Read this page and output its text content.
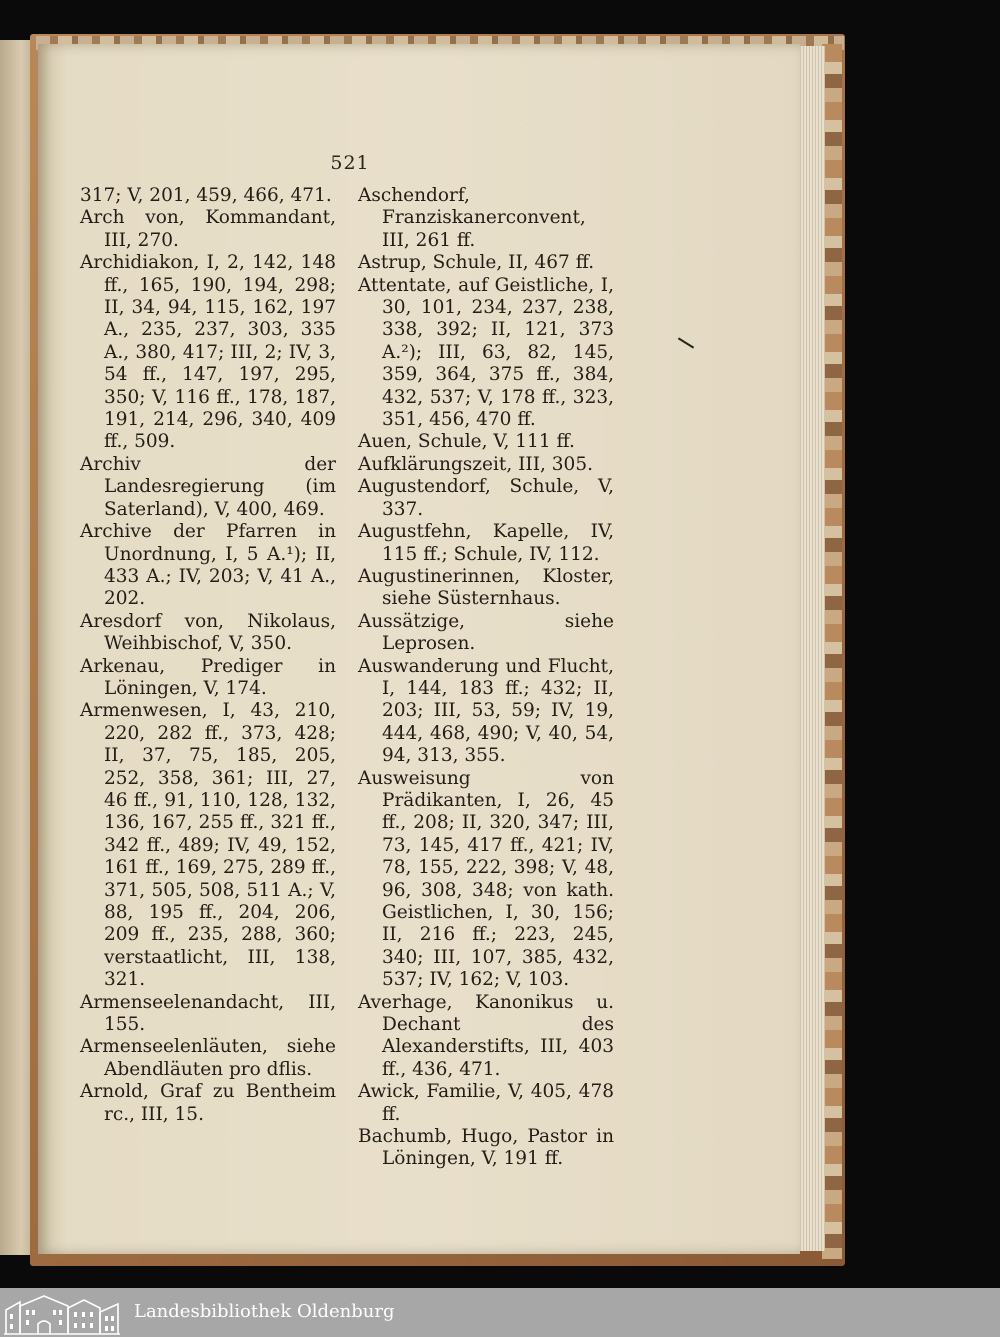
521

317; V, 201, 459, 466, 471.

Arch von, Kommandant, III, 270.

Archidiakon, I, 2, 142, 148 ff., 165, 190, 194, 298; II, 34, 94, 115, 162, 197 A., 235, 237, 303, 335 A., 380, 417; III, 2; IV, 3, 54 ff., 147, 197, 295, 350; V, 116 ff., 178, 187, 191, 214, 296, 340, 409 ff., 509.

Archiv der Landesregierung (im Saterland), V, 400, 469.

Archive der Pfarren in Unordnung, I, 5 A.¹); II, 433 A.; IV, 203; V, 41 A., 202.

Aresdorf von, Nikolaus, Weihbischof, V, 350.

Arkenau, Prediger in Löningen, V, 174.

Armenwesen, I, 43, 210, 220, 282 ff., 373, 428; II, 37, 75, 185, 205, 252, 358, 361; III, 27, 46 ff., 91, 110, 128, 132, 136, 167, 255 ff., 321 ff., 342 ff., 489; IV, 49, 152, 161 ff., 169, 275, 289 ff., 371, 505, 508, 511 A.; V, 88, 195 ff., 204, 206, 209 ff., 235, 288, 360; verstaatlicht, III, 138, 321.

Armenseelenandacht, III, 155.

Armenseelenläuten, siehe Abendläuten pro dflis.

Arnold, Graf zu Bentheim rc., III, 15.

Aschendorf, Franziskanerconvent, III, 261 ff.

Astrup, Schule, II, 467 ff.

Attentate, auf Geistliche, I, 30, 101, 234, 237, 238, 338, 392; II, 121, 373 A.²); III, 63, 82, 145, 359, 364, 375 ff., 384, 432, 537; V, 178 ff., 323, 351, 456, 470 ff.

Auen, Schule, V, 111 ff.

Aufklärungszeit, III, 305.

Augustendorf, Schule, V, 337.

Augustfehn, Kapelle, IV, 115 ff.; Schule, IV, 112.

Augustinerinnen, Kloster, siehe Süsternhaus.

Aussätzige, siehe Leprosen.

Auswanderung und Flucht, I, 144, 183 ff.; 432; II, 203; III, 53, 59; IV, 19, 444, 468, 490; V, 40, 54, 94, 313, 355.

Ausweisung von Prädikanten, I, 26, 45 ff., 208; II, 320, 347; III, 73, 145, 417 ff., 421; IV, 78, 155, 222, 398; V, 48, 96, 308, 348; von kath. Geistlichen, I, 30, 156; II, 216 ff.; 223, 245, 340; III, 107, 385, 432, 537; IV, 162; V, 103.

Averhage, Kanonikus u. Dechant des Alexanderstifts, III, 403 ff., 436, 471.

Awick, Familie, V, 405, 478 ff.

Bachumb, Hugo, Pastor in Löningen, V, 191 ff.

Landesbibliothek Oldenburg
